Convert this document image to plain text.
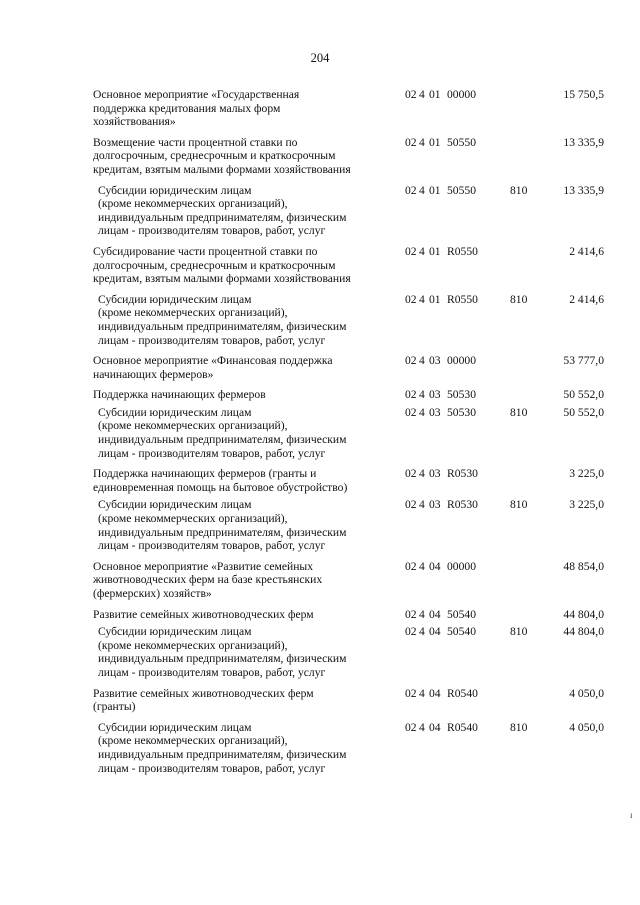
204
Основное мероприятие «Государственная
поддержка кредитования малых форм
хозяйствования»
02 4 01 00000	15 750,5
Возмещение части процентной ставки по
долгосрочным, среднесрочным и краткосрочным
кредитам, взятым малыми формами хозяйствования
02 4 01 50550	13 335,9
Субсидии юридическим лицам
(кроме некоммерческих организаций),
индивидуальным предпринимателям, физическим
лицам - производителям товаров, работ, услуг
02 4 01 50550	810	13 335,9
Субсидирование части процентной ставки по
долгосрочным, среднесрочным и краткосрочным
кредитам, взятым малыми формами хозяйствования
02 4 01 R0550	2 414,6
Субсидии юридическим лицам
(кроме некоммерческих организаций),
индивидуальным предпринимателям, физическим
лицам - производителям товаров, работ, услуг
02 4 01 R0550	810	2 414,6
Основное мероприятие «Финансовая поддержка
начинающих фермеров»
02 4 03 00000	53 777,0
Поддержка начинающих фермеров	02 4 03 50530	50 552,0
Субсидии юридическим лицам
(кроме некоммерческих организаций),
индивидуальным предпринимателям, физическим
лицам - производителям товаров, работ, услуг
02 4 03 50530	810	50 552,0
Поддержка начинающих фермеров (гранты и
единовременная помощь на бытовое обустройство)
02 4 03 R0530	3 225,0
Субсидии юридическим лицам
(кроме некоммерческих организаций),
индивидуальным предпринимателям, физическим
лицам - производителям товаров, работ, услуг
02 4 03 R0530	810	3 225,0
Основное мероприятие «Развитие семейных
животноводческих ферм на базе крестьянских
(фермерских) хозяйств»
02 4 04 00000	48 854,0
Развитие семейных животноводческих ферм	02 4 04 50540	44 804,0
Субсидии юридическим лицам
(кроме некоммерческих организаций),
индивидуальным предпринимателям, физическим
лицам - производителям товаров, работ, услуг
02 4 04 50540	810	44 804,0
Развитие семейных животноводческих ферм
(гранты)
02 4 04 R0540	4 050,0
Субсидии юридическим лицам
(кроме некоммерческих организаций),
индивидуальным предпринимателям, физическим
лицам - производителям товаров, работ, услуг
02 4 04 R0540	810	4 050,0
ı
